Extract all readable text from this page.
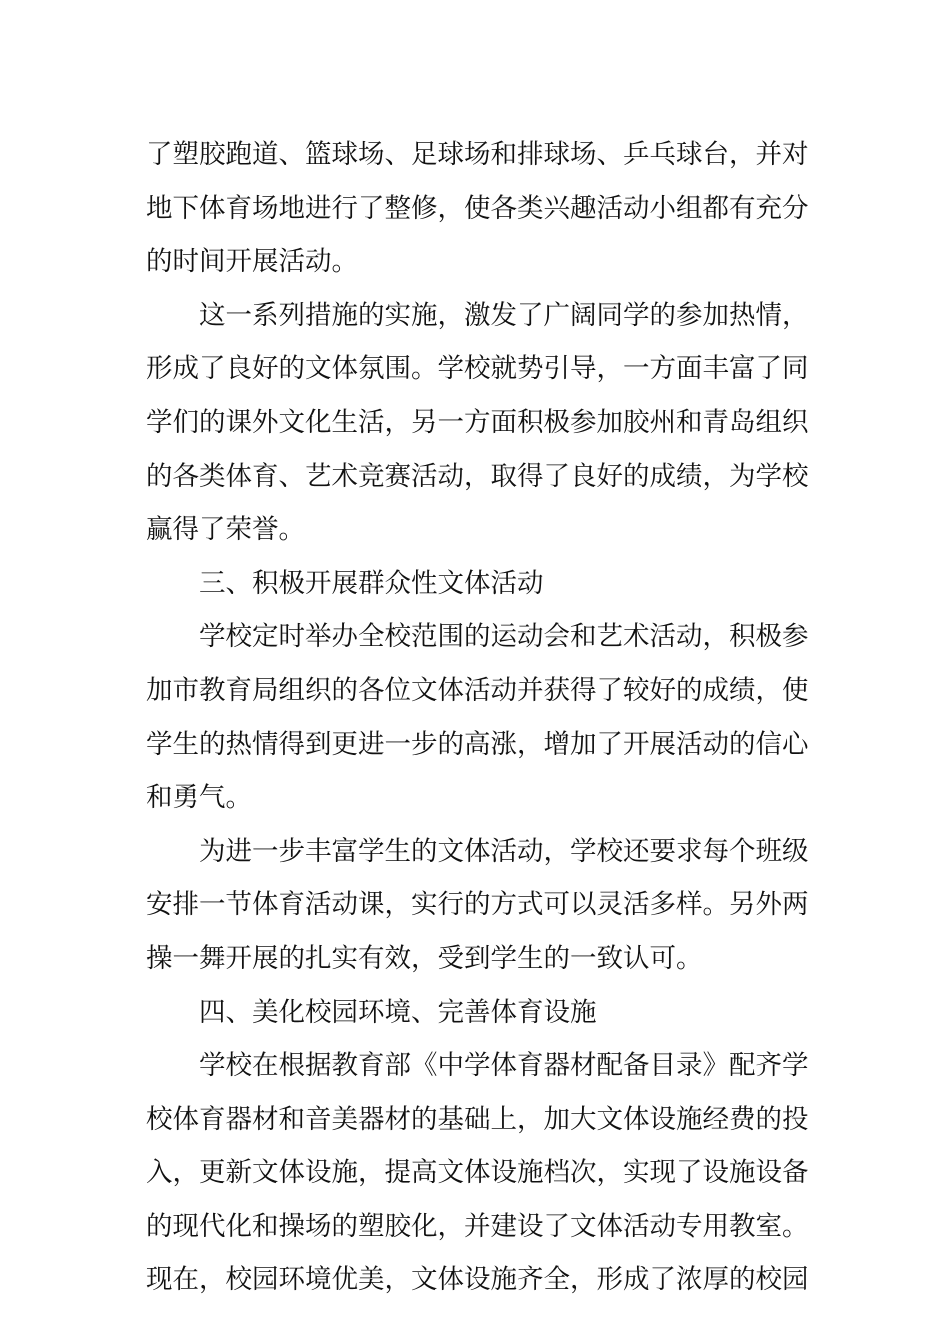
了塑胶跑道、篮球场、足球场和排球场、乒乓球台，并对
地下体育场地进行了整修，使各类兴趣活动小组都有充分
的时间开展活动。
这一系列措施的实施，激发了广阔同学的参加热情，
形成了良好的文体氛围。学校就势引导，一方面丰富了同
学们的课外文化生活，另一方面积极参加胶州和青岛组织
的各类体育、艺术竞赛活动，取得了良好的成绩，为学校
赢得了荣誉。
三、积极开展群众性文体活动
学校定时举办全校范围的运动会和艺术活动，积极参
加市教育局组织的各位文体活动并获得了较好的成绩，使
学生的热情得到更进一步的高涨，增加了开展活动的信心
和勇气。
为进一步丰富学生的文体活动，学校还要求每个班级
安排一节体育活动课，实行的方式可以灵活多样。另外两
操一舞开展的扎实有效，受到学生的一致认可。
四、美化校园环境、完善体育设施
学校在根据教育部《中学体育器材配备目录》配齐学
校体育器材和音美器材的基础上，加大文体设施经费的投
入，更新文体设施，提高文体设施档次，实现了设施设备
的现代化和操场的塑胶化，并建设了文体活动专用教室。
现在，校园环境优美，文体设施齐全，形成了浓厚的校园
